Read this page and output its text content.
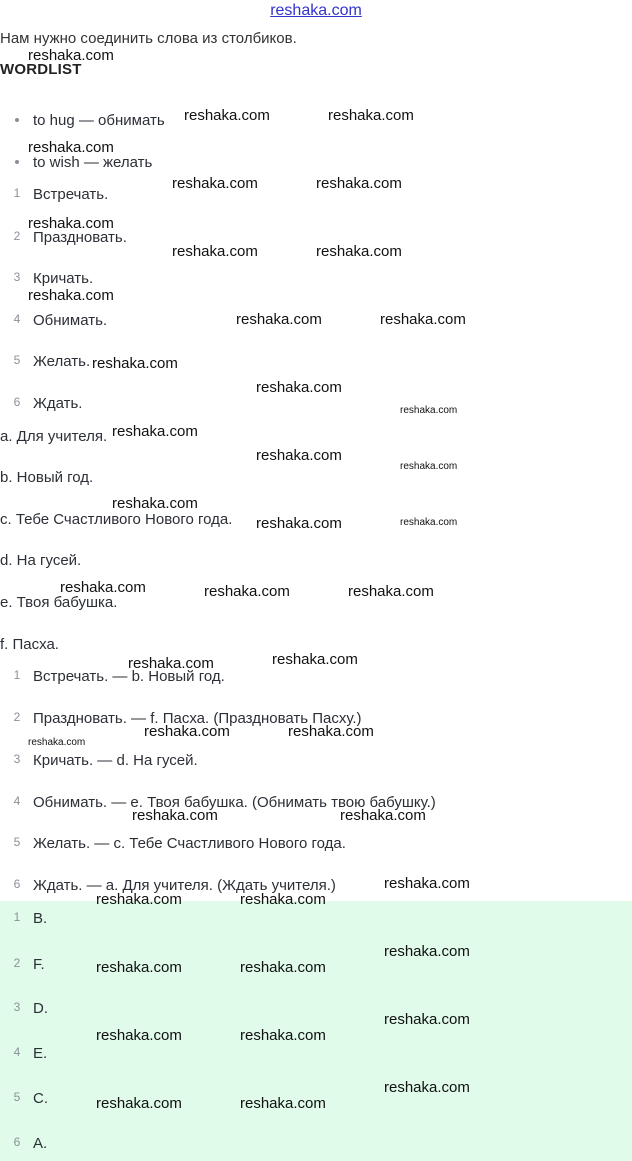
reshaka.com
Нам нужно соединить слова из столбиков.
WORDLIST
to hug — обнимать
to wish — желать
1 Встречать.
2 Праздновать.
3 Кричать.
4 Обнимать.
5 Желать.
6 Ждать.
a. Для учителя.
b. Новый год.
c. Тебе Счастливого Нового года.
d. На гусей.
e. Твоя бабушка.
f. Пасха.
1 Встречать. — b. Новый год.
2 Праздновать. — f. Пасха. (Праздновать Пасху.)
3 Кричать. — d. На гусей.
4 Обнимать. — e. Твоя бабушка. (Обнимать твою бабушку.)
5 Желать. — c. Тебе Счастливого Нового года.
6 Ждать. — a. Для учителя. (Ждать учителя.)
1 B.
2 F.
3 D.
4 E.
5 C.
6 A.
reshaka.com
reshaka.com	reshaka.com
reshaka.com
reshaka.com	reshaka.com
reshaka.com
reshaka.com	reshaka.com
reshaka.com
reshaka.com	reshaka.com
reshaka.com
reshaka.com
reshaka.com
reshaka.com
reshaka.com
reshaka.com
reshaka.com
reshaka.com	reshaka.com
reshaka.com	reshaka.com	reshaka.com
reshaka.com	reshaka.com
reshaka.com
reshaka.com	reshaka.com
reshaka.com	reshaka.com
reshaka.com
reshaka.com	reshaka.com
reshaka.com
reshaka.com	reshaka.com
reshaka.com
reshaka.com	reshaka.com
reshaka.com
reshaka.com	reshaka.com
